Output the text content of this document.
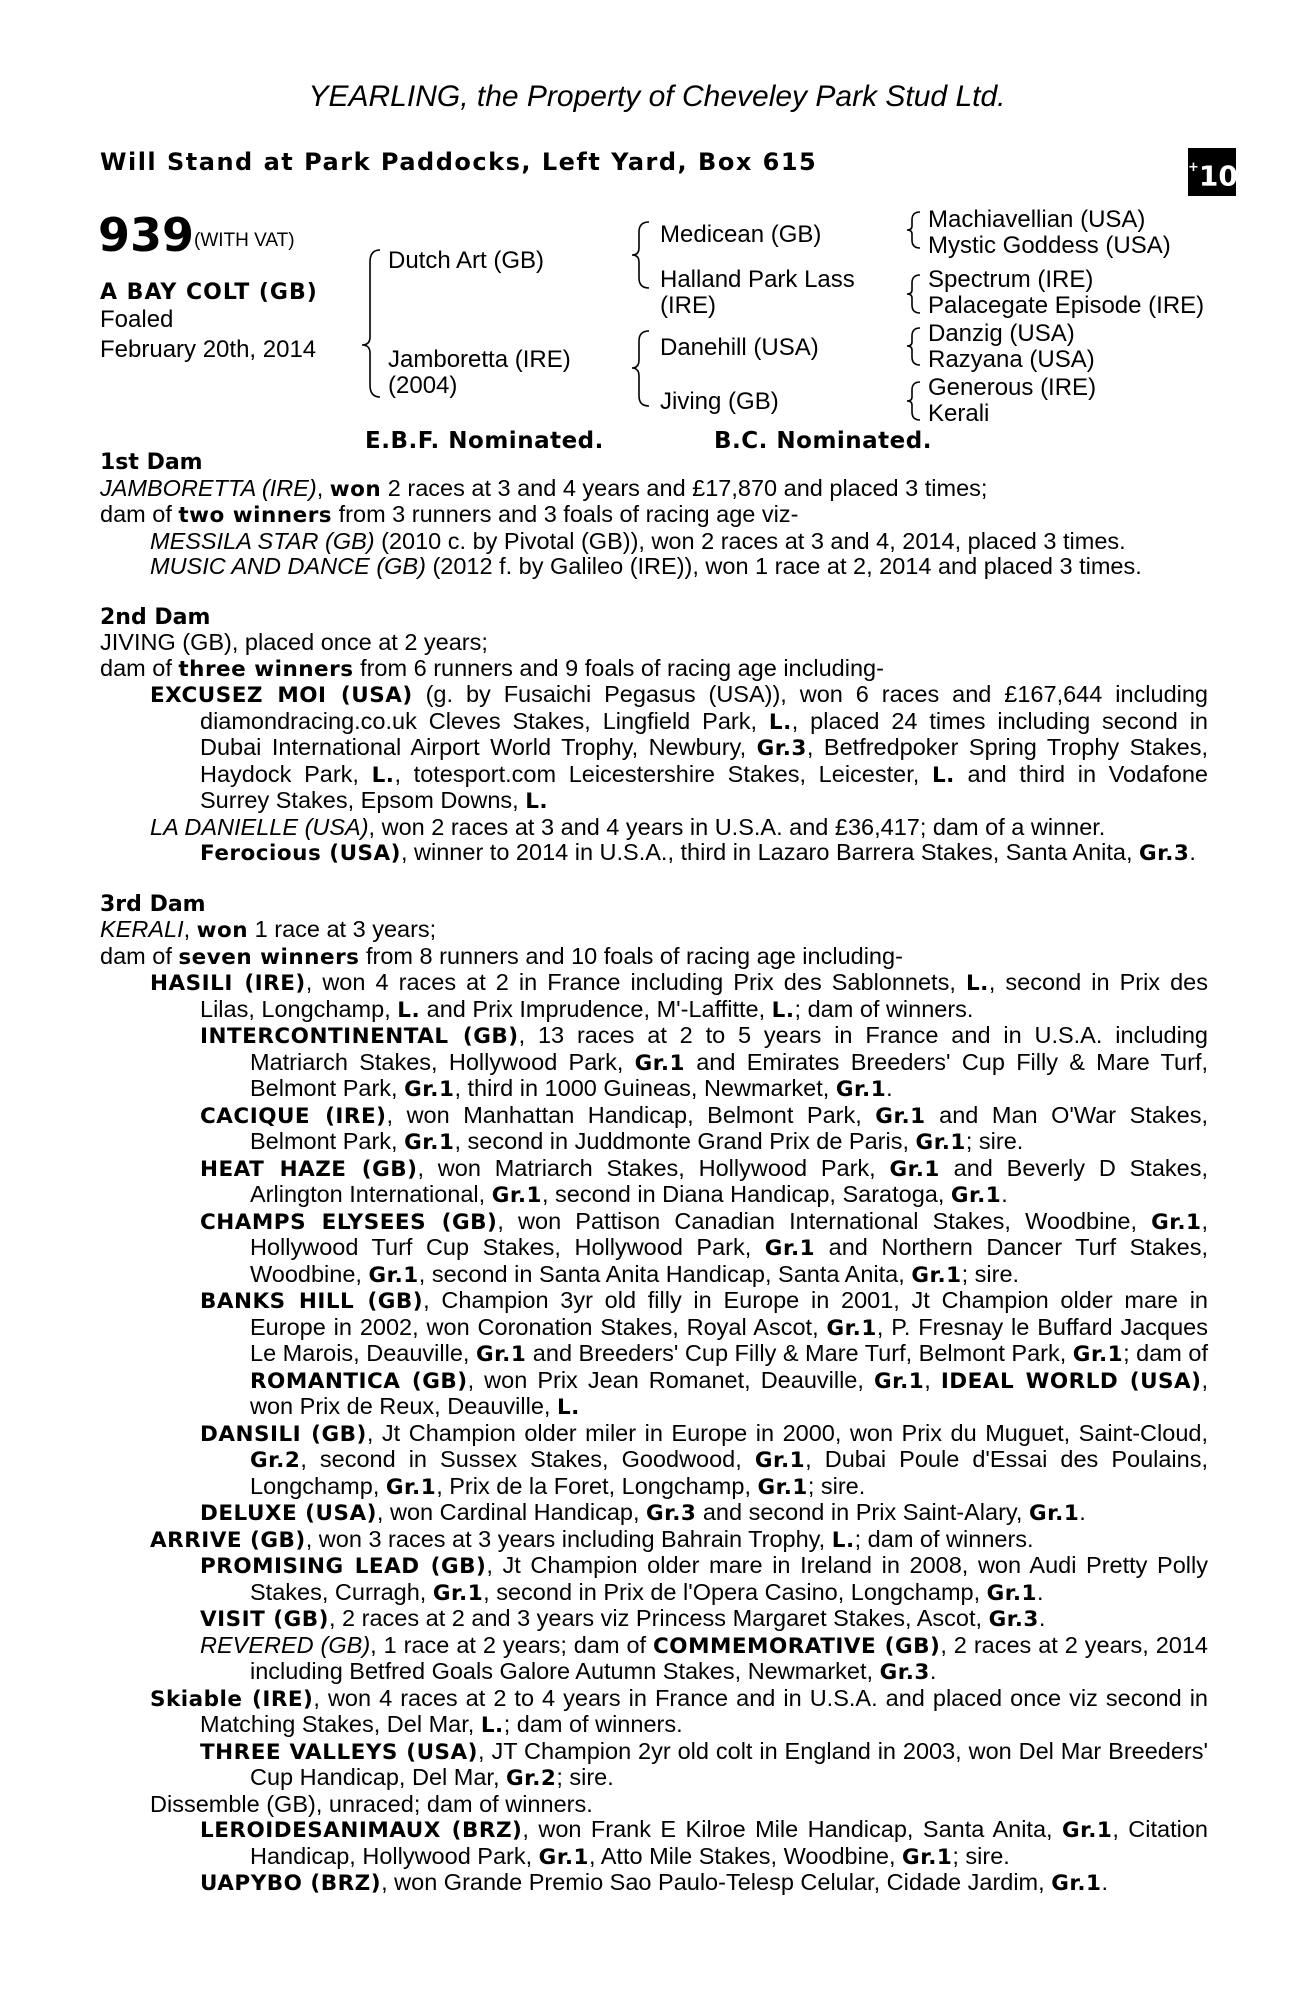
YEARLING, the Property of Cheveley Park Stud Ltd.
Will Stand at Park Paddocks, Left Yard, Box 615	+10
939 (WITH VAT)
A BAY COLT (GB)
Foaled
February 20th, 2014
Dutch Art (GB)
Jamboretta (IRE)
(2004)
Medicean (GB)
Halland Park Lass
(IRE)
Danehill (USA)
Jiving (GB)
Machiavellian (USA)
Mystic Goddess (USA)
Spectrum (IRE)
Palacegate Episode (IRE)
Danzig (USA)
Razyana (USA)
Generous (IRE)
Kerali
E.B.F. Nominated.	B.C. Nominated.
1st Dam
JAMBORETTA (IRE), won 2 races at 3 and 4 years and £17,870 and placed 3 times;
dam of two winners from 3 runners and 3 foals of racing age viz-
MESSILA STAR (GB) (2010 c. by Pivotal (GB)), won 2 races at 3 and 4, 2014, placed 3 times.
MUSIC AND DANCE (GB) (2012 f. by Galileo (IRE)), won 1 race at 2, 2014 and placed 3 times.
2nd Dam
JIVING (GB), placed once at 2 years;
dam of three winners from 6 runners and 9 foals of racing age including-
EXCUSEZ MOI (USA) (g. by Fusaichi Pegasus (USA)), won 6 races and £167,644 including diamondracing.co.uk Cleves Stakes, Lingfield Park, L., placed 24 times including second in Dubai International Airport World Trophy, Newbury, Gr.3, Betfredpoker Spring Trophy Stakes, Haydock Park, L., totesport.com Leicestershire Stakes, Leicester, L. and third in Vodafone Surrey Stakes, Epsom Downs, L.
LA DANIELLE (USA), won 2 races at 3 and 4 years in U.S.A. and £36,417; dam of a winner.
Ferocious (USA), winner to 2014 in U.S.A., third in Lazaro Barrera Stakes, Santa Anita, Gr.3.
3rd Dam
KERALI, won 1 race at 3 years;
dam of seven winners from 8 runners and 10 foals of racing age including-
HASILI (IRE), won 4 races at 2 in France including Prix des Sablonnets, L., second in Prix des Lilas, Longchamp, L. and Prix Imprudence, M'-Laffitte, L.; dam of winners.
INTERCONTINENTAL (GB), 13 races at 2 to 5 years in France and in U.S.A. including Matriarch Stakes, Hollywood Park, Gr.1 and Emirates Breeders' Cup Filly & Mare Turf, Belmont Park, Gr.1, third in 1000 Guineas, Newmarket, Gr.1.
CACIQUE (IRE), won Manhattan Handicap, Belmont Park, Gr.1 and Man O'War Stakes, Belmont Park, Gr.1, second in Juddmonte Grand Prix de Paris, Gr.1; sire.
HEAT HAZE (GB), won Matriarch Stakes, Hollywood Park, Gr.1 and Beverly D Stakes, Arlington International, Gr.1, second in Diana Handicap, Saratoga, Gr.1.
CHAMPS ELYSEES (GB), won Pattison Canadian International Stakes, Woodbine, Gr.1, Hollywood Turf Cup Stakes, Hollywood Park, Gr.1 and Northern Dancer Turf Stakes, Woodbine, Gr.1, second in Santa Anita Handicap, Santa Anita, Gr.1; sire.
BANKS HILL (GB), Champion 3yr old filly in Europe in 2001, Jt Champion older mare in Europe in 2002, won Coronation Stakes, Royal Ascot, Gr.1, P. Fresnay le Buffard Jacques Le Marois, Deauville, Gr.1 and Breeders' Cup Filly & Mare Turf, Belmont Park, Gr.1; dam of ROMANTICA (GB), won Prix Jean Romanet, Deauville, Gr.1, IDEAL WORLD (USA), won Prix de Reux, Deauville, L.
DANSILI (GB), Jt Champion older miler in Europe in 2000, won Prix du Muguet, Saint-Cloud, Gr.2, second in Sussex Stakes, Goodwood, Gr.1, Dubai Poule d'Essai des Poulains, Longchamp, Gr.1, Prix de la Foret, Longchamp, Gr.1; sire.
DELUXE (USA), won Cardinal Handicap, Gr.3 and second in Prix Saint-Alary, Gr.1.
ARRIVE (GB), won 3 races at 3 years including Bahrain Trophy, L.; dam of winners.
PROMISING LEAD (GB), Jt Champion older mare in Ireland in 2008, won Audi Pretty Polly Stakes, Curragh, Gr.1, second in Prix de l'Opera Casino, Longchamp, Gr.1.
VISIT (GB), 2 races at 2 and 3 years viz Princess Margaret Stakes, Ascot, Gr.3.
REVERED (GB), 1 race at 2 years; dam of COMMEMORATIVE (GB), 2 races at 2 years, 2014 including Betfred Goals Galore Autumn Stakes, Newmarket, Gr.3.
Skiable (IRE), won 4 races at 2 to 4 years in France and in U.S.A. and placed once viz second in Matching Stakes, Del Mar, L.; dam of winners.
THREE VALLEYS (USA), JT Champion 2yr old colt in England in 2003, won Del Mar Breeders' Cup Handicap, Del Mar, Gr.2; sire.
Dissemble (GB), unraced; dam of winners.
LEROIDESANIMAUX (BRZ), won Frank E Kilroe Mile Handicap, Santa Anita, Gr.1, Citation Handicap, Hollywood Park, Gr.1, Atto Mile Stakes, Woodbine, Gr.1; sire.
UAPYBO (BRZ), won Grande Premio Sao Paulo-Telesp Celular, Cidade Jardim, Gr.1.
